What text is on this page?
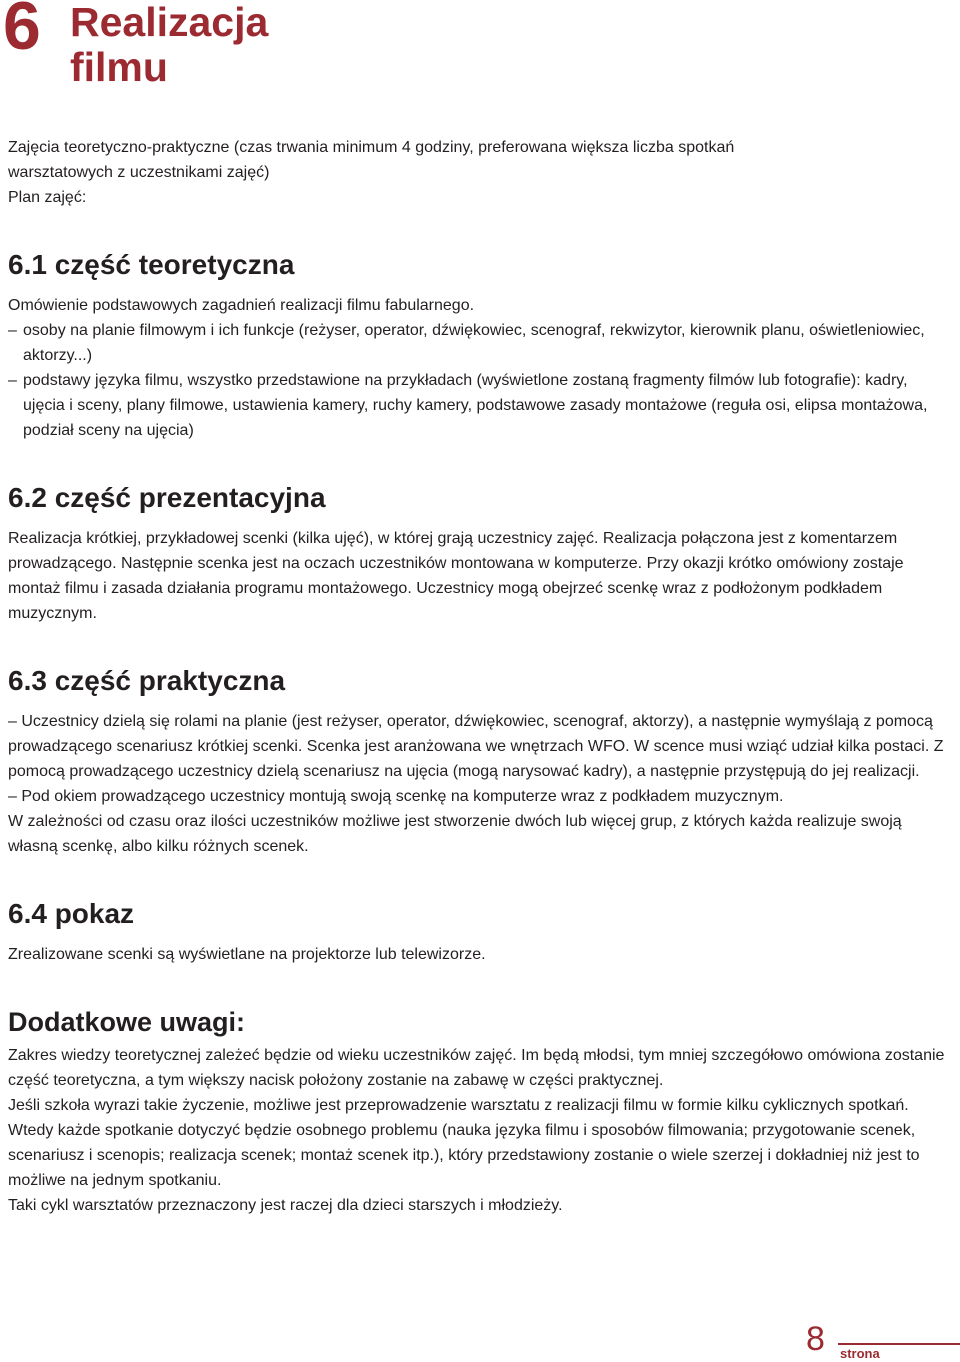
6 Realizacja
filmu

Zajęcia teoretyczno-praktyczne (czas trwania minimum 4 godziny, preferowana większa liczba spotkań

warsztatowych z uczestnikami zajęć)

Plan zajęć:

6.1 część teoretyczna

Omówienie podstawowych zagadnień realizacji filmu fabularnego.

– osoby na planie filmowym i ich funkcje (reżyser, operator, dźwiękowiec, scenograf, rekwizytor, kierownik planu, oświetleniowiec, aktorzy...)
– podstawy języka filmu, wszystko przedstawione na przykładach (wyświetlone zostaną fragmenty filmów lub fotografie): kadry, ujęcia i sceny, plany filmowe, ustawienia kamery, ruchy kamery, podstawowe zasady montażowe (reguła osi, elipsa montażowa, podział sceny na ujęcia)
6.2 część prezentacyjna

Realizacja krótkiej, przykładowej scenki (kilka ujęć), w której grają uczestnicy zajęć. Realizacja połączona jest z komentarzem prowadzącego. Następnie scenka jest na oczach uczestników montowana w komputerze. Przy okazji krótko omówiony zostaje montaż filmu i zasada działania programu montażowego. Uczestnicy mogą obejrzeć scenkę wraz z podłożonym podkładem muzycznym.

6.3 część praktyczna

– Uczestnicy dzielą się rolami na planie (jest reżyser, operator, dźwiękowiec, scenograf, aktorzy), a następnie wymyślają z pomocą prowadzącego scenariusz krótkiej scenki. Scenka jest aranżowana we wnętrzach WFO. W scence musi wziąć udział kilka postaci. Z pomocą prowadzącego uczestnicy dzielą scenariusz na ujęcia (mogą narysować kadry), a następnie przystępują do jej realizacji.

– Pod okiem prowadzącego uczestnicy montują swoją scenkę na komputerze wraz z podkładem muzycznym.

W zależności od czasu oraz ilości uczestników możliwe jest stworzenie dwóch lub więcej grup, z których każda realizuje swoją własną scenkę, albo kilku różnych scenek.

6.4 pokaz

Zrealizowane scenki są wyświetlane na projektorze lub telewizorze.

Dodatkowe uwagi:

Zakres wiedzy teoretycznej zależeć będzie od wieku uczestników zajęć. Im będą młodsi, tym mniej szczegółowo omówiona zostanie część teoretyczna, a tym większy nacisk położony zostanie na zabawę w części praktycznej.

Jeśli szkoła wyrazi takie życzenie, możliwe jest przeprowadzenie warsztatu z realizacji filmu w formie kilku cyklicznych spotkań. Wtedy każde spotkanie dotyczyć będzie osobnego problemu (nauka języka filmu i sposobów filmowania; przygotowanie scenek, scenariusz i scenopis; realizacja scenek; montaż scenek itp.), który przedstawiony zostanie o wiele szerzej i dokładniej niż jest to możliwe na jednym spotkaniu.

Taki cykl warsztatów przeznaczony jest raczej dla dzieci starszych i młodzieży.

8 strona
